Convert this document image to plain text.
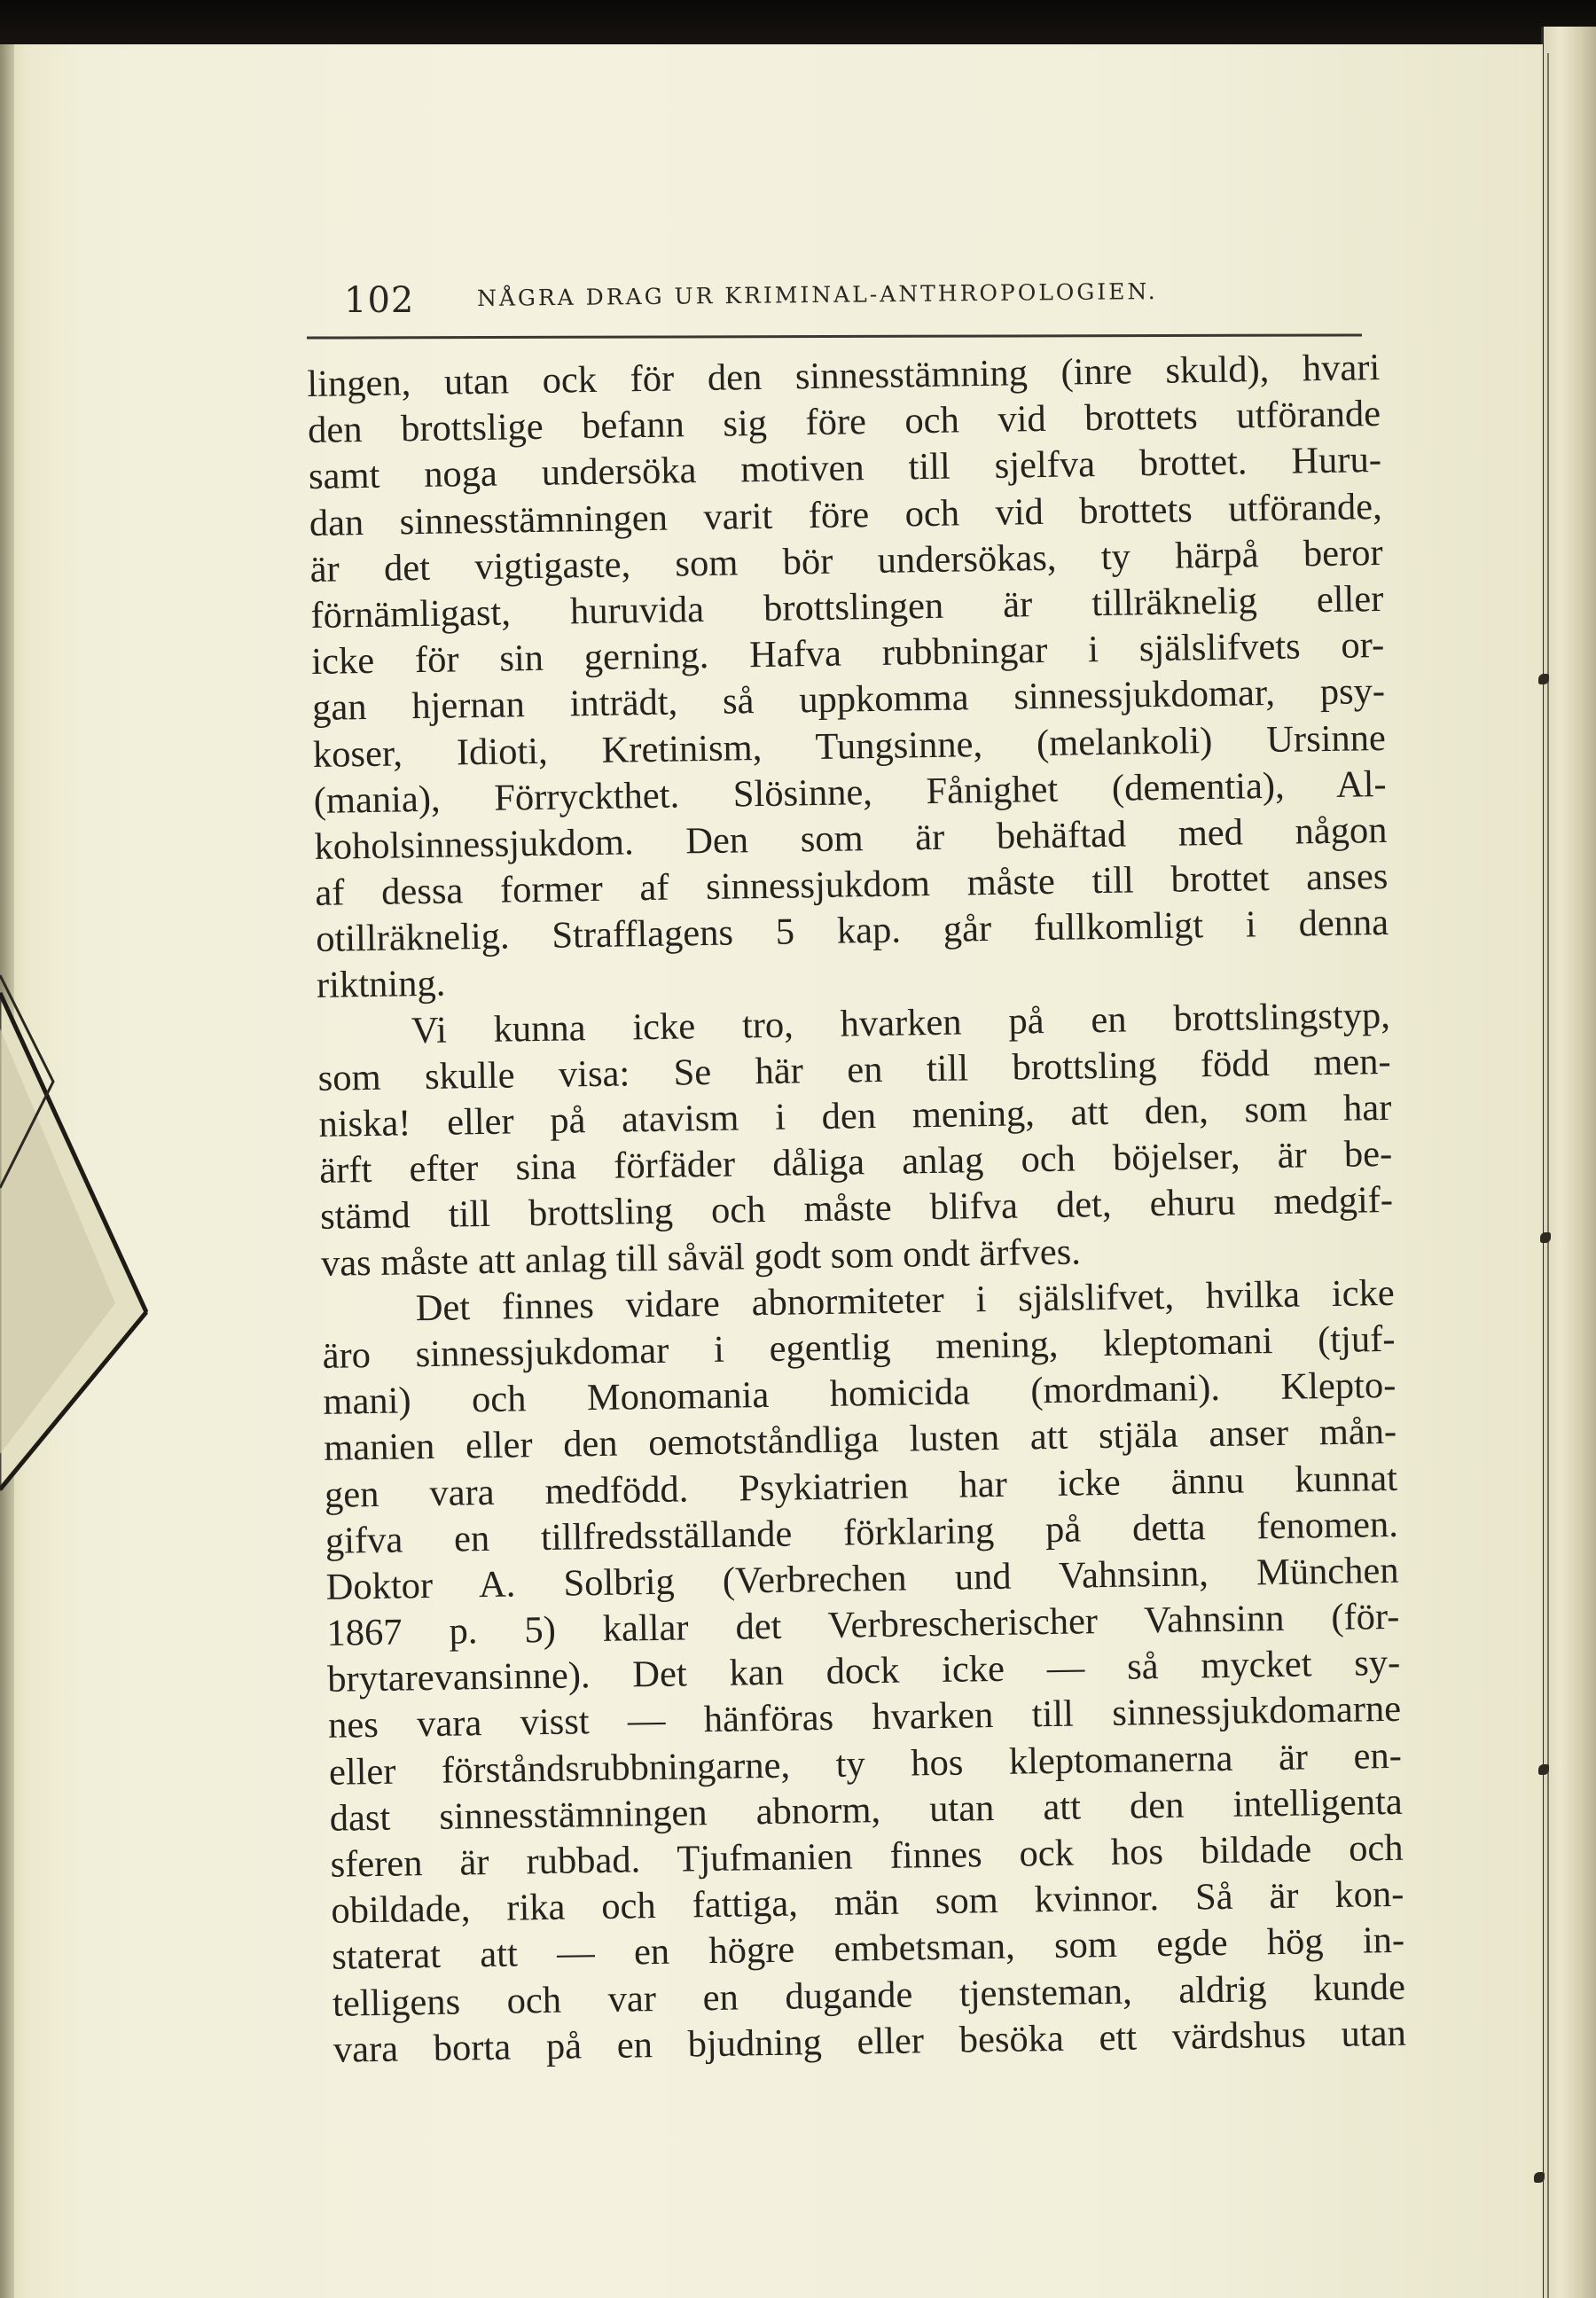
102	NÅGRA DRAG UR KRIMINAL-ANTHROPOLOGIEN.
lingen, utan ock för den sinnesstämning (inre skuld), hvari
den brottslige befann sig före och vid brottets utförande
samt noga undersöka motiven till sjelfva brottet. Huru-
dan sinnesstämningen varit före och vid brottets utförande,
är det vigtigaste, som bör undersökas, ty härpå beror
förnämligast, huruvida brottslingen är tillräknelig eller
icke för sin gerning. Hafva rubbningar i själslifvets or-
gan hjernan inträdt, så uppkomma sinnessjukdomar, psy-
koser, Idioti, Kretinism, Tungsinne, (melankoli) Ursinne
(mania), Förryckthet. Slösinne, Fånighet (dementia), Al-
koholsinnessjukdom. Den som är behäftad med någon
af dessa former af sinnessjukdom måste till brottet anses
otillräknelig. Strafflagens 5 kap. går fullkomligt i denna
riktning.
Vi kunna icke tro, hvarken på en brottslingstyp,
som skulle visa: Se här en till brottsling född men-
niska! eller på atavism i den mening, att den, som har
ärft efter sina förfäder dåliga anlag och böjelser, är be-
stämd till brottsling och måste blifva det, ehuru medgif-
vas måste att anlag till såväl godt som ondt ärfves.
Det finnes vidare abnormiteter i själslifvet, hvilka icke
äro sinnessjukdomar i egentlig mening, kleptomani (tjuf-
mani) och Monomania homicida (mordmani). Klepto-
manien eller den oemotståndliga lusten att stjäla anser mån-
gen vara medfödd. Psykiatrien har icke ännu kunnat
gifva en tillfredsställande förklaring på detta fenomen.
Doktor A. Solbrig (Verbrechen und Vahnsinn, München
1867 p. 5) kallar det Verbrescherischer Vahnsinn (för-
brytarevansinne). Det kan dock icke — så mycket sy-
nes vara visst — hänföras hvarken till sinnessjukdomarne
eller förståndsrubbningarne, ty hos kleptomanerna är en-
dast sinnesstämningen abnorm, utan att den intelligenta
sferen är rubbad. Tjufmanien finnes ock hos bildade och
obildade, rika och fattiga, män som kvinnor. Så är kon-
staterat att — en högre embetsman, som egde hög in-
telligens och var en dugande tjensteman, aldrig kunde
vara borta på en bjudning eller besöka ett värdshus utan
